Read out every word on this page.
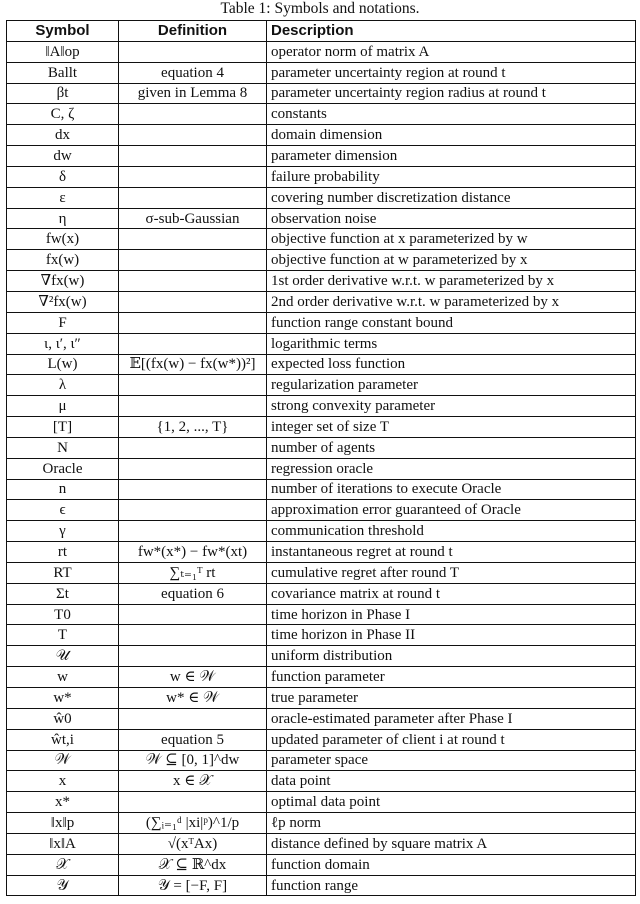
Table 1: Symbols and notations.
Symbol	Definition	Description
‖A‖op		operator norm of matrix A
Ballt	equation 4	parameter uncertainty region at round t
βt	given in Lemma 8	parameter uncertainty region radius at round t
C, ζ		constants
dx		domain dimension
dw		parameter dimension
δ		failure probability
ε		covering number discretization distance
η	σ-sub-Gaussian	observation noise
fw(x)		objective function at x parameterized by w
fx(w)		objective function at w parameterized by x
∇fx(w)		1st order derivative w.r.t. w parameterized by x
∇²fx(w)		2nd order derivative w.r.t. w parameterized by x
F		function range constant bound
ι, ι′, ι″		logarithmic terms
L(w)	𝔼[(fx(w) − fx(w*))²]	expected loss function
λ		regularization parameter
μ		strong convexity parameter
[T]	{1, 2, ..., T}	integer set of size T
N		number of agents
Oracle		regression oracle
n		number of iterations to execute Oracle
ϵ		approximation error guaranteed of Oracle
γ		communication threshold
rt	fw*(x*) − fw*(xt)	instantaneous regret at round t
RT	∑ₜ₌₁ᵀ rt	cumulative regret after round T
Σt	equation 6	covariance matrix at round t
T0		time horizon in Phase I
T		time horizon in Phase II
𝒰		uniform distribution
w	w ∈ 𝒲	function parameter
w*	w* ∈ 𝒲	true parameter
ŵ0		oracle-estimated parameter after Phase I
ŵt,i	equation 5	updated parameter of client i at round t
𝒲	𝒲 ⊆ [0, 1]^dw	parameter space
x	x ∈ 𝒳	data point
x*		optimal data point
‖x‖p	(∑ᵢ₌₁ᵈ |xi|ᵖ)^1/p	ℓp norm
‖x‖A	√(xᵀAx)	distance defined by square matrix A
𝒳	𝒳 ⊆ ℝ^dx	function domain
𝒴	𝒴 = [−F, F]	function range
